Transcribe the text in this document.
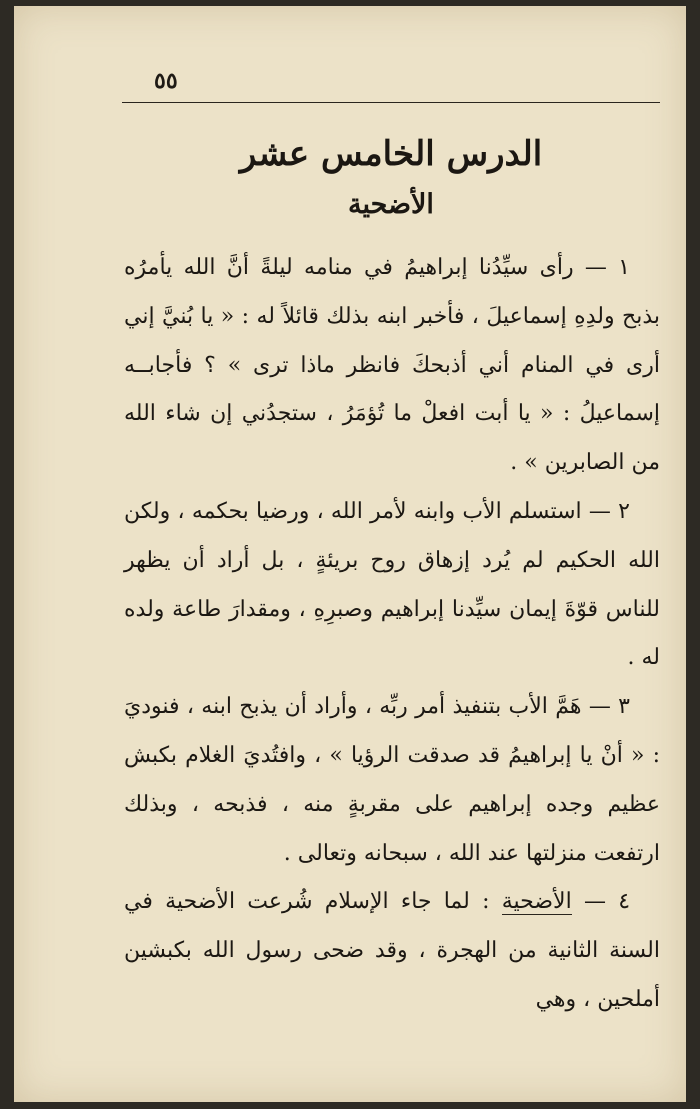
٥٥
الدرس الخامس عشر
الأضحية

١ — رأى سيِّدُنا إبراهيمُ في منامه ليلةً أنَّ الله يأمرُه بذبح ولدِهِ إسماعيلَ ، فأخبر ابنه بذلك قائلاً له : « يا بُنيَّ إني أرى في المنام أني أذبحكَ فانظر ماذا ترى » ؟ فأجابــه إسماعيلُ : « يا أبت افعلْ ما تُؤمَرُ ، ستجدُني إن شاء الله من الصابرين » .

٢ — استسلم الأب وابنه لأمر الله ، ورضيا بحكمه ، ولكن الله الحكيم لم يُرد إزهاق روح بريئةٍ ، بل أراد أن يظهر للناس قوّةَ إيمان سيِّدنا إبراهيم وصبرِهِ ، ومقدارَ طاعة ولده له .

٣ — هَمَّ الأب بتنفيذ أمر ربِّه ، وأراد أن يذبح ابنه ، فنوديَ : « أنْ يا إبراهيمُ قد صدقت الرؤيا » ، وافتُديَ الغلام بكبش عظيم وجده إبراهيم على مقربةٍ منه ، فذبحه ، وبذلك ارتفعت منزلتها عند الله ، سبحانه وتعالى .

٤ — الأضحية : لما جاء الإسلام شُرعت الأضحية في السنة الثانية من الهجرة ، وقد ضحى رسول الله بكبشين أملحين ، وهي
